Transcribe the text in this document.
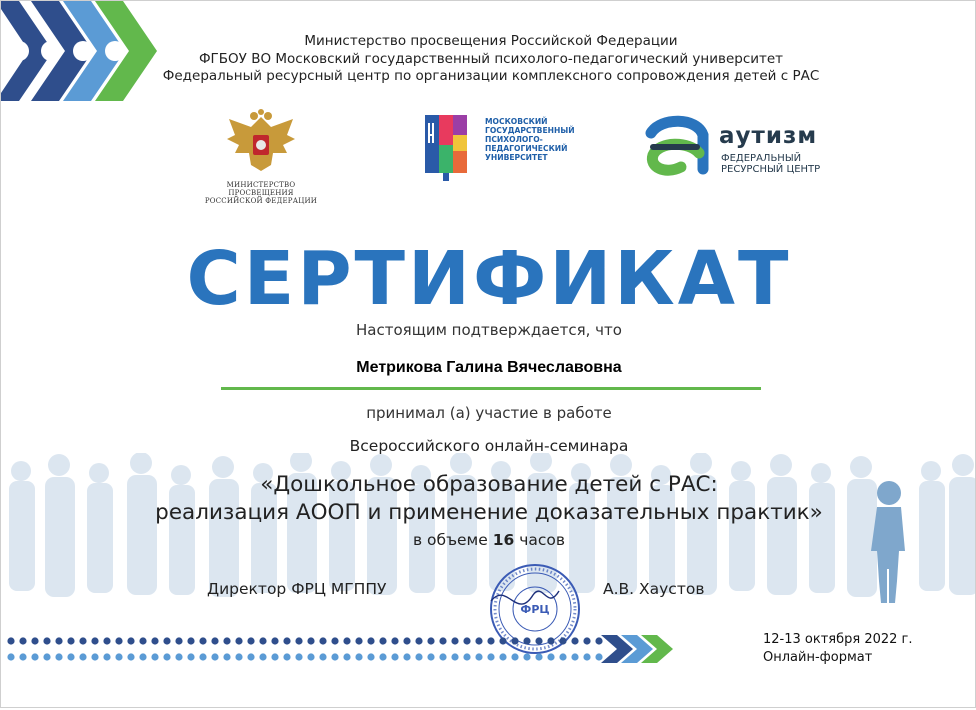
Министерство просвещения Российской Федерации
ФГБОУ ВО Московский государственный психолого-педагогический университет
Федеральный ресурсный центр по организации комплексного сопровождения детей с РАС
МИНИСТЕРСТВО ПРОСВЕЩЕНИЯ
РОССИЙСКОЙ ФЕДЕРАЦИИ
МОСКОВСКИЙ
ГОСУДАРСТВЕННЫЙ
ПСИХОЛОГО-
ПЕДАГОГИЧЕСКИЙ
УНИВЕРСИТЕТ
аутизм
ФЕДЕРАЛЬНЫЙ
РЕСУРСНЫЙ ЦЕНТР
СЕРТИФИКАТ
Настоящим подтверждается, что
Метрикова Галина Вячеславовна
принимал (а) участие в работе
Всероссийского онлайн-семинара
«Дошкольное образование детей с РАС:
реализация АООП и применение доказательных практик»
в объеме 16 часов
Директор ФРЦ МГППУ	А.В. Хаустов
ФРЦ
12-13 октября 2022 г.
Онлайн-формат
